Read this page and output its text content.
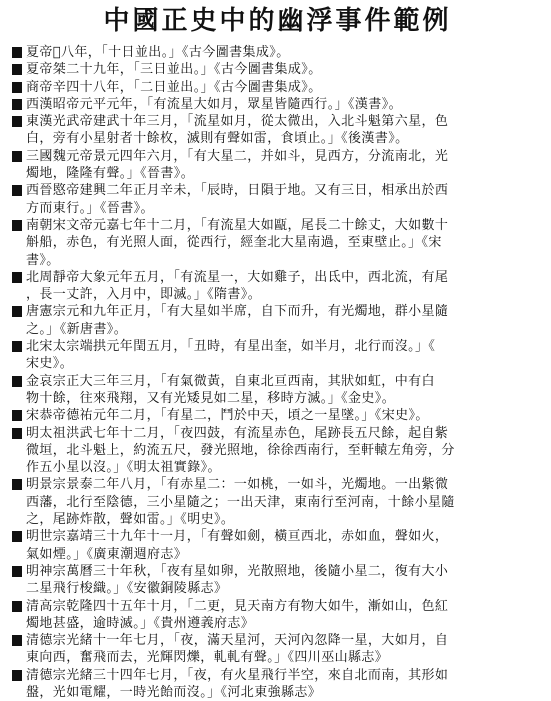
中國正史中的幽浮事件範例
夏帝𡌊八年，「十日並出。」《古今圖書集成》。
夏帝桀二十九年，「三日並出。」《古今圖書集成》。
商帝辛四十八年，「二日並出。」《古今圖書集成》。
西漢昭帝元平元年，「有流星大如月，眾星皆隨西行。」《漢書》。
東漢光武帝建武十年三月，「流星如月，從太微出，入北斗魁第六星，色
白，旁有小星射者十餘枚，滅則有聲如雷，食頃止。」《後漢書》。
三國魏元帝景元四年六月，「有大星二，并如斗，見西方，分流南北，光
燭地，隆隆有聲。」《晉書》。
西晉愍帝建興二年正月辛未，「辰時，日隕于地。又有三日，相承出於西
方而東行。」《晉書》。
南朝宋文帝元嘉七年十二月，「有流星大如甌，尾長二十餘丈，大如數十
斛船，赤色，有光照人面，從西行，經奎北大星南過，至東壁止。」《宋
書》。
北周靜帝大象元年五月，「有流星一，大如雞子，出氐中，西北流，有尾
，長一丈許，入月中，即滅。」《隋書》。
唐憲宗元和九年正月，「有大星如半席，自下而升，有光燭地，群小星隨
之。」《新唐書》。
北宋太宗端拱元年閏五月，「丑時，有星出奎，如半月，北行而沒。」《
宋史》。
金哀宗正大三年三月，「有氣微黃，自東北亘西南，其狀如虹，中有白
物十餘，往來飛翔，又有光矮見如二星，移時方滅。」《金史》。
宋恭帝德祐元年二月，「有星二，鬥於中天，頃之一星墜。」《宋史》。
明太祖洪武七年十二月，「夜四鼓，有流星赤色，尾跡長五尺餘，起自紫
微垣，北斗魁上，約流五尺，發光照地，徐徐西南行，至軒轅左角旁，分
作五小星以沒。」《明太祖實錄》。
明景宗景泰二年八月，「有赤星二：一如桃，一如斗，光燭地。一出紫微
西藩，北行至陰德，三小星隨之；一出天津，東南行至河南，十餘小星隨
之，尾跡炸散，聲如雷。」《明史》。
明世宗嘉靖三十九年十一月，「有聲如劍，橫亘西北，赤如血，聲如火，
氣如煙。」《廣東潮週府志》
明神宗萬曆三十年秋，「夜有星如卵，光散照地，後隨小星二，復有大小
二星飛行梭織。」《安徽銅陵縣志》
清高宗乾隆四十五年十月，「二更，見天南方有物大如牛，漸如山，色紅
燭地甚盛，逾時滅。」《貴州遵義府志》
清德宗光緒十一年七月，「夜，滿天星河，天河內忽降一星，大如月，自
東向西，奮飛而去，光輝閃爍，軋軋有聲。」《四川巫山縣志》
清德宗光緒三十四年七月，「夜，有火星飛行半空，來自北而南，其形如
盤，光如電耀，一時光飴而沒。」《河北東強縣志》
